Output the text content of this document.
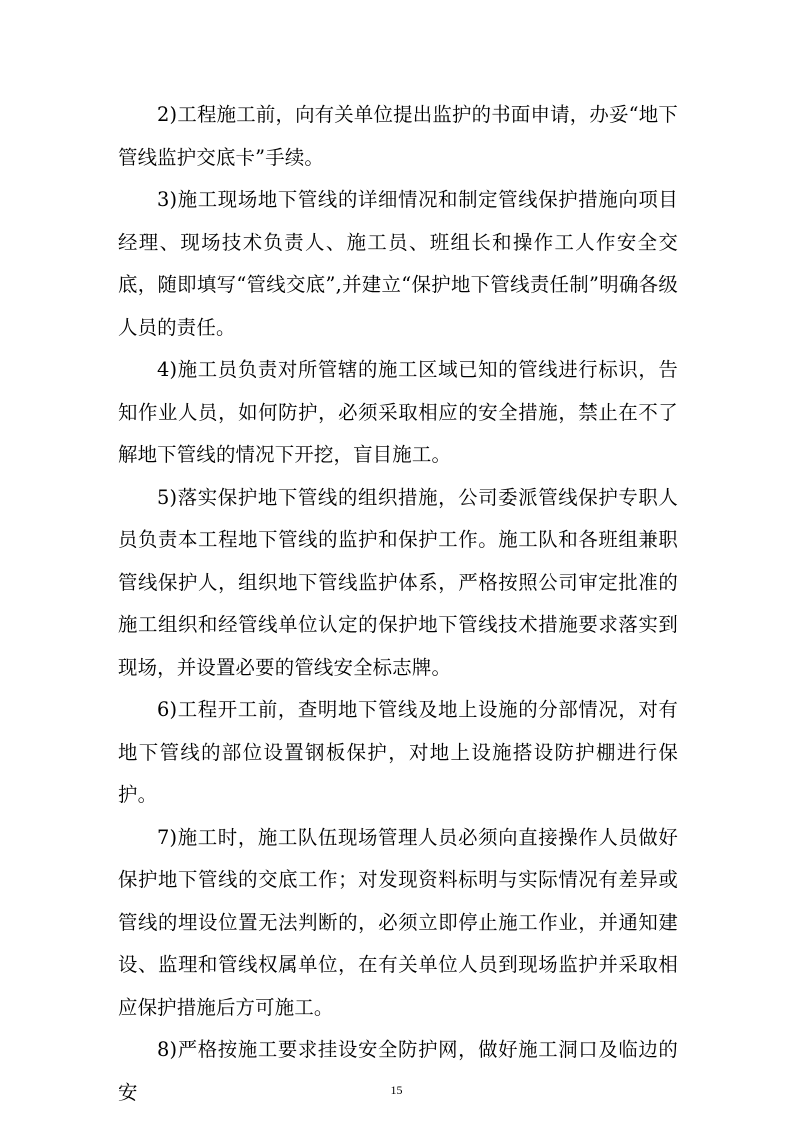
2)工程施工前，向有关单位提出监护的书面申请，办妥“地下管线监护交底卡”手续。

3)施工现场地下管线的详细情况和制定管线保护措施向项目经理、现场技术负责人、施工员、班组长和操作工人作安全交底，随即填写“管线交底”,并建立“保护地下管线责任制”明确各级人员的责任。

4)施工员负责对所管辖的施工区域已知的管线进行标识，告知作业人员，如何防护，必须采取相应的安全措施，禁止在不了解地下管线的情况下开挖，盲目施工。

5)落实保护地下管线的组织措施，公司委派管线保护专职人员负责本工程地下管线的监护和保护工作。施工队和各班组兼职管线保护人，组织地下管线监护体系，严格按照公司审定批准的施工组织和经管线单位认定的保护地下管线技术措施要求落实到现场，并设置必要的管线安全标志牌。

6)工程开工前，查明地下管线及地上设施的分部情况，对有地下管线的部位设置钢板保护，对地上设施搭设防护棚进行保护。

7)施工时，施工队伍现场管理人员必须向直接操作人员做好保护地下管线的交底工作；对发现资料标明与实际情况有差异或管线的埋设位置无法判断的，必须立即停止施工作业，并通知建设、监理和管线权属单位，在有关单位人员到现场监护并采取相应保护措施后方可施工。

8)严格按施工要求挂设安全防护网，做好施工洞口及临边的安	15
